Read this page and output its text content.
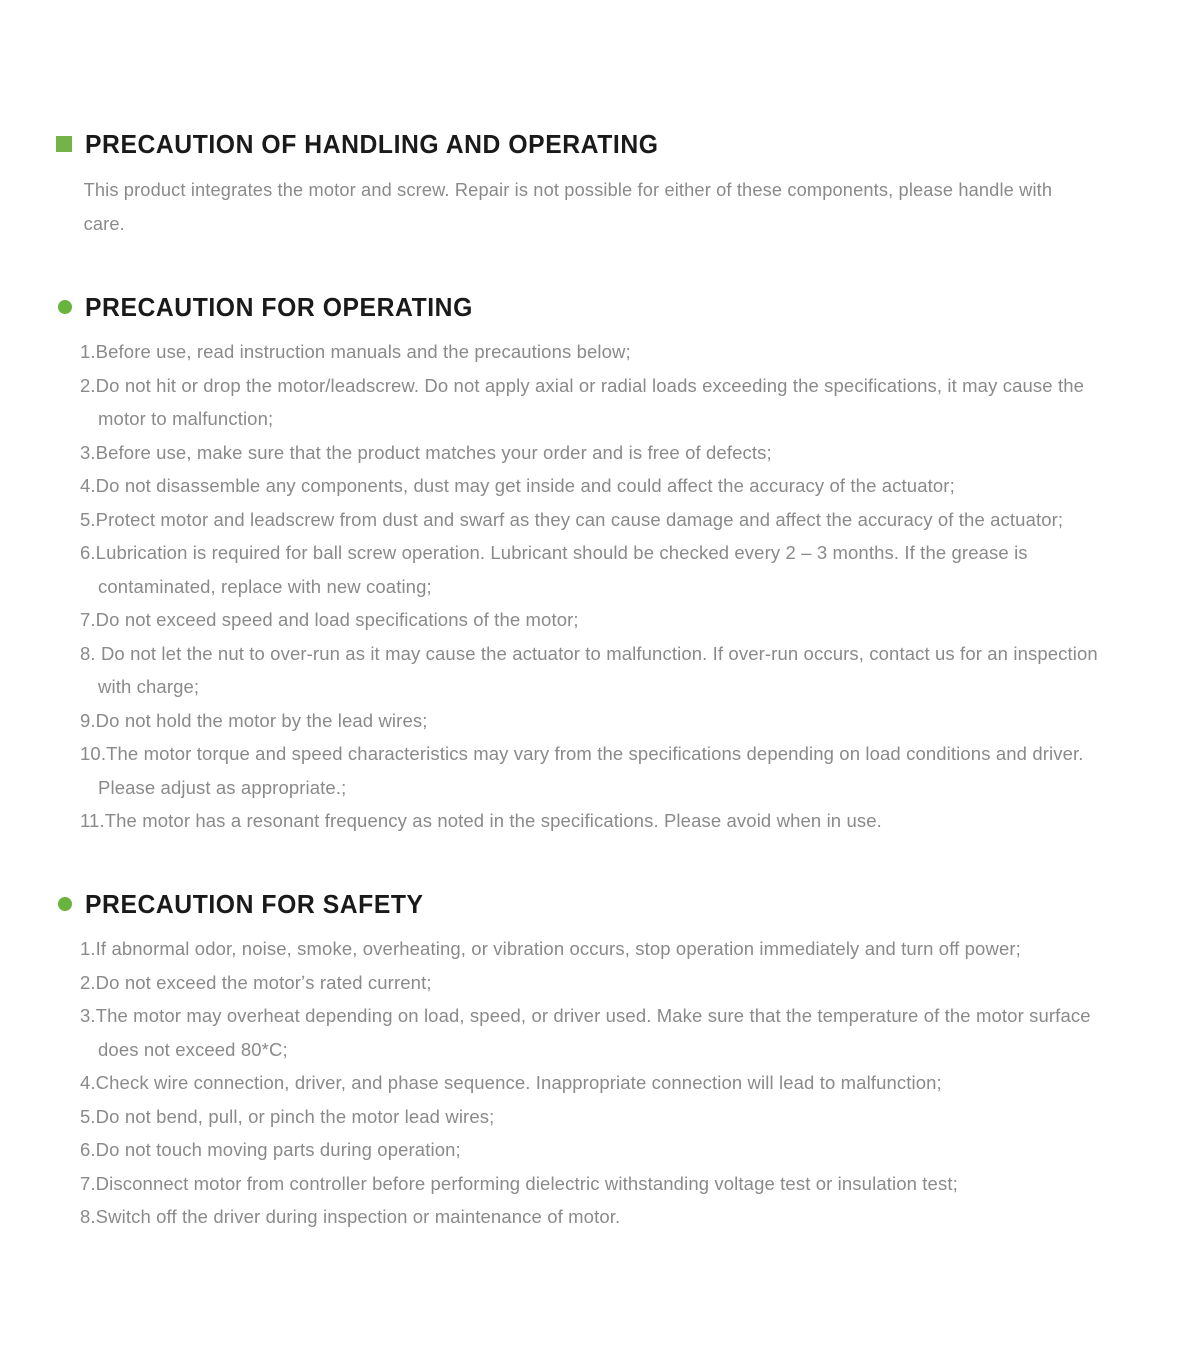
PRECAUTION OF HANDLING AND OPERATING

This product integrates the motor and screw. Repair is not possible for either of these components, please handle with care.

PRECAUTION FOR OPERATING
1.Before use, read instruction manuals and the precautions below;
2.Do not hit or drop the motor/leadscrew. Do not apply axial or radial loads exceeding the specifications, it may cause the motor to malfunction;
3.Before use, make sure that the product matches your order and is free of defects;
4.Do not disassemble any components, dust may get inside and could affect the accuracy of the actuator;
5.Protect motor and leadscrew from dust and swarf as they can cause damage and affect the accuracy of the actuator;
6.Lubrication is required for ball screw operation. Lubricant should be checked every 2 – 3 months. If the grease is contaminated, replace with new coating;
7.Do not exceed speed and load specifications of the motor;
8. Do not let the nut to over-run as it may cause the actuator to malfunction. If over-run occurs, contact us for an inspection with charge;
9.Do not hold the motor by the lead wires;
10.The motor torque and speed characteristics may vary from the specifications depending on load conditions and driver. Please adjust as appropriate.;
11.The motor has a resonant frequency as noted in the specifications. Please avoid when in use.
PRECAUTION FOR SAFETY
1.If abnormal odor, noise, smoke, overheating, or vibration occurs, stop operation immediately and turn off power;
2.Do not exceed the motorʼs rated current;
3.The motor may overheat depending on load, speed, or driver used. Make sure that the temperature of the motor surface does not exceed 80*C;
4.Check wire connection, driver, and phase sequence. Inappropriate connection will lead to malfunction;
5.Do not bend, pull, or pinch the motor lead wires;
6.Do not touch moving parts during operation;
7.Disconnect motor from controller before performing dielectric withstanding voltage test or insulation test;
8.Switch off the driver during inspection or maintenance of motor.
